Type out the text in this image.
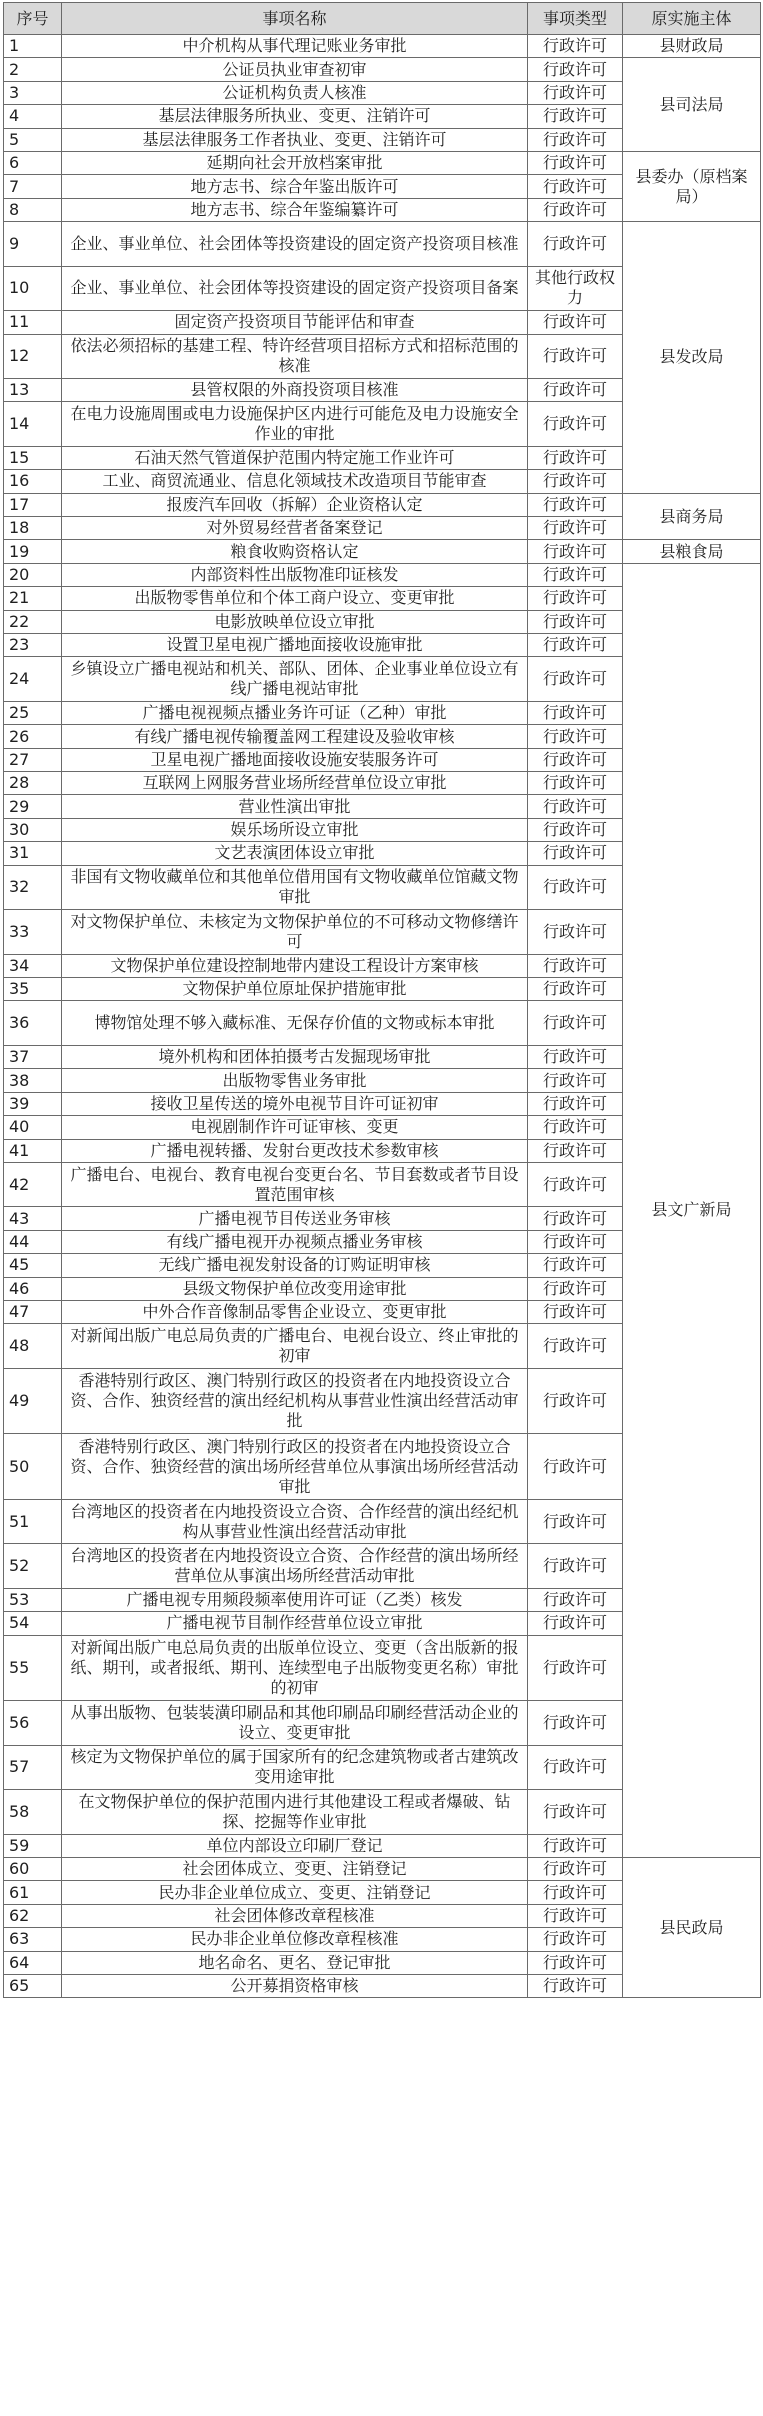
序号	事项名称	事项类型	原实施主体
1	中介机构从事代理记账业务审批	行政许可	县财政局
2	公证员执业审查初审	行政许可	县司法局
3	公证机构负责人核准	行政许可	
4	基层法律服务所执业、变更、注销许可	行政许可	
5	基层法律服务工作者执业、变更、注销许可	行政许可	
6	延期向社会开放档案审批	行政许可	县委办（原档案局）
7	地方志书、综合年鉴出版许可	行政许可	
8	地方志书、综合年鉴编纂许可	行政许可	
9	企业、事业单位、社会团体等投资建设的固定资产投资项目核准	行政许可	县发改局
10	企业、事业单位、社会团体等投资建设的固定资产投资项目备案	其他行政权力	
11	固定资产投资项目节能评估和审查	行政许可	
12	依法必须招标的基建工程、特许经营项目招标方式和招标范围的核准	行政许可	
13	县管权限的外商投资项目核准	行政许可	
14	在电力设施周围或电力设施保护区内进行可能危及电力设施安全作业的审批	行政许可	
15	石油天然气管道保护范围内特定施工作业许可	行政许可	
16	工业、商贸流通业、信息化领域技术改造项目节能审查	行政许可	
17	报废汽车回收（拆解）企业资格认定	行政许可	县商务局
18	对外贸易经营者备案登记	行政许可	
19	粮食收购资格认定	行政许可	县粮食局
20	内部资料性出版物准印证核发	行政许可	县文广新局
21	出版物零售单位和个体工商户设立、变更审批	行政许可	
22	电影放映单位设立审批	行政许可	
23	设置卫星电视广播地面接收设施审批	行政许可	
24	乡镇设立广播电视站和机关、部队、团体、企业事业单位设立有线广播电视站审批	行政许可	
25	广播电视视频点播业务许可证（乙种）审批	行政许可	
26	有线广播电视传输覆盖网工程建设及验收审核	行政许可	
27	卫星电视广播地面接收设施安装服务许可	行政许可	
28	互联网上网服务营业场所经营单位设立审批	行政许可	
29	营业性演出审批	行政许可	
30	娱乐场所设立审批	行政许可	
31	文艺表演团体设立审批	行政许可	
32	非国有文物收藏单位和其他单位借用国有文物收藏单位馆藏文物审批	行政许可	
33	对文物保护单位、未核定为文物保护单位的不可移动文物修缮许可	行政许可	
34	文物保护单位建设控制地带内建设工程设计方案审核	行政许可	
35	文物保护单位原址保护措施审批	行政许可	
36	博物馆处理不够入藏标准、无保存价值的文物或标本审批	行政许可	
37	境外机构和团体拍摄考古发掘现场审批	行政许可	
38	出版物零售业务审批	行政许可	
39	接收卫星传送的境外电视节目许可证初审	行政许可	
40	电视剧制作许可证审核、变更	行政许可	
41	广播电视转播、发射台更改技术参数审核	行政许可	
42	广播电台、电视台、教育电视台变更台名、节目套数或者节目设置范围审核	行政许可	
43	广播电视节目传送业务审核	行政许可	
44	有线广播电视开办视频点播业务审核	行政许可	
45	无线广播电视发射设备的订购证明审核	行政许可	
46	县级文物保护单位改变用途审批	行政许可	
47	中外合作音像制品零售企业设立、变更审批	行政许可	
48	对新闻出版广电总局负责的广播电台、电视台设立、终止审批的初审	行政许可	
49	香港特别行政区、澳门特别行政区的投资者在内地投资设立合资、合作、独资经营的演出经纪机构从事营业性演出经营活动审批	行政许可	
50	香港特别行政区、澳门特别行政区的投资者在内地投资设立合资、合作、独资经营的演出场所经营单位从事演出场所经营活动审批	行政许可	
51	台湾地区的投资者在内地投资设立合资、合作经营的演出经纪机构从事营业性演出经营活动审批	行政许可	
52	台湾地区的投资者在内地投资设立合资、合作经营的演出场所经营单位从事演出场所经营活动审批	行政许可	
53	广播电视专用频段频率使用许可证（乙类）核发	行政许可	
54	广播电视节目制作经营单位设立审批	行政许可	
55	对新闻出版广电总局负责的出版单位设立、变更（含出版新的报纸、期刊，或者报纸、期刊、连续型电子出版物变更名称）审批的初审	行政许可	
56	从事出版物、包装装潢印刷品和其他印刷品印刷经营活动企业的设立、变更审批	行政许可	
57	核定为文物保护单位的属于国家所有的纪念建筑物或者古建筑改变用途审批	行政许可	
58	在文物保护单位的保护范围内进行其他建设工程或者爆破、钻探、挖掘等作业审批	行政许可	
59	单位内部设立印刷厂登记	行政许可	
60	社会团体成立、变更、注销登记	行政许可	县民政局
61	民办非企业单位成立、变更、注销登记	行政许可	
62	社会团体修改章程核准	行政许可	
63	民办非企业单位修改章程核准	行政许可	
64	地名命名、更名、登记审批	行政许可	
65	公开募捐资格审核	行政许可	
